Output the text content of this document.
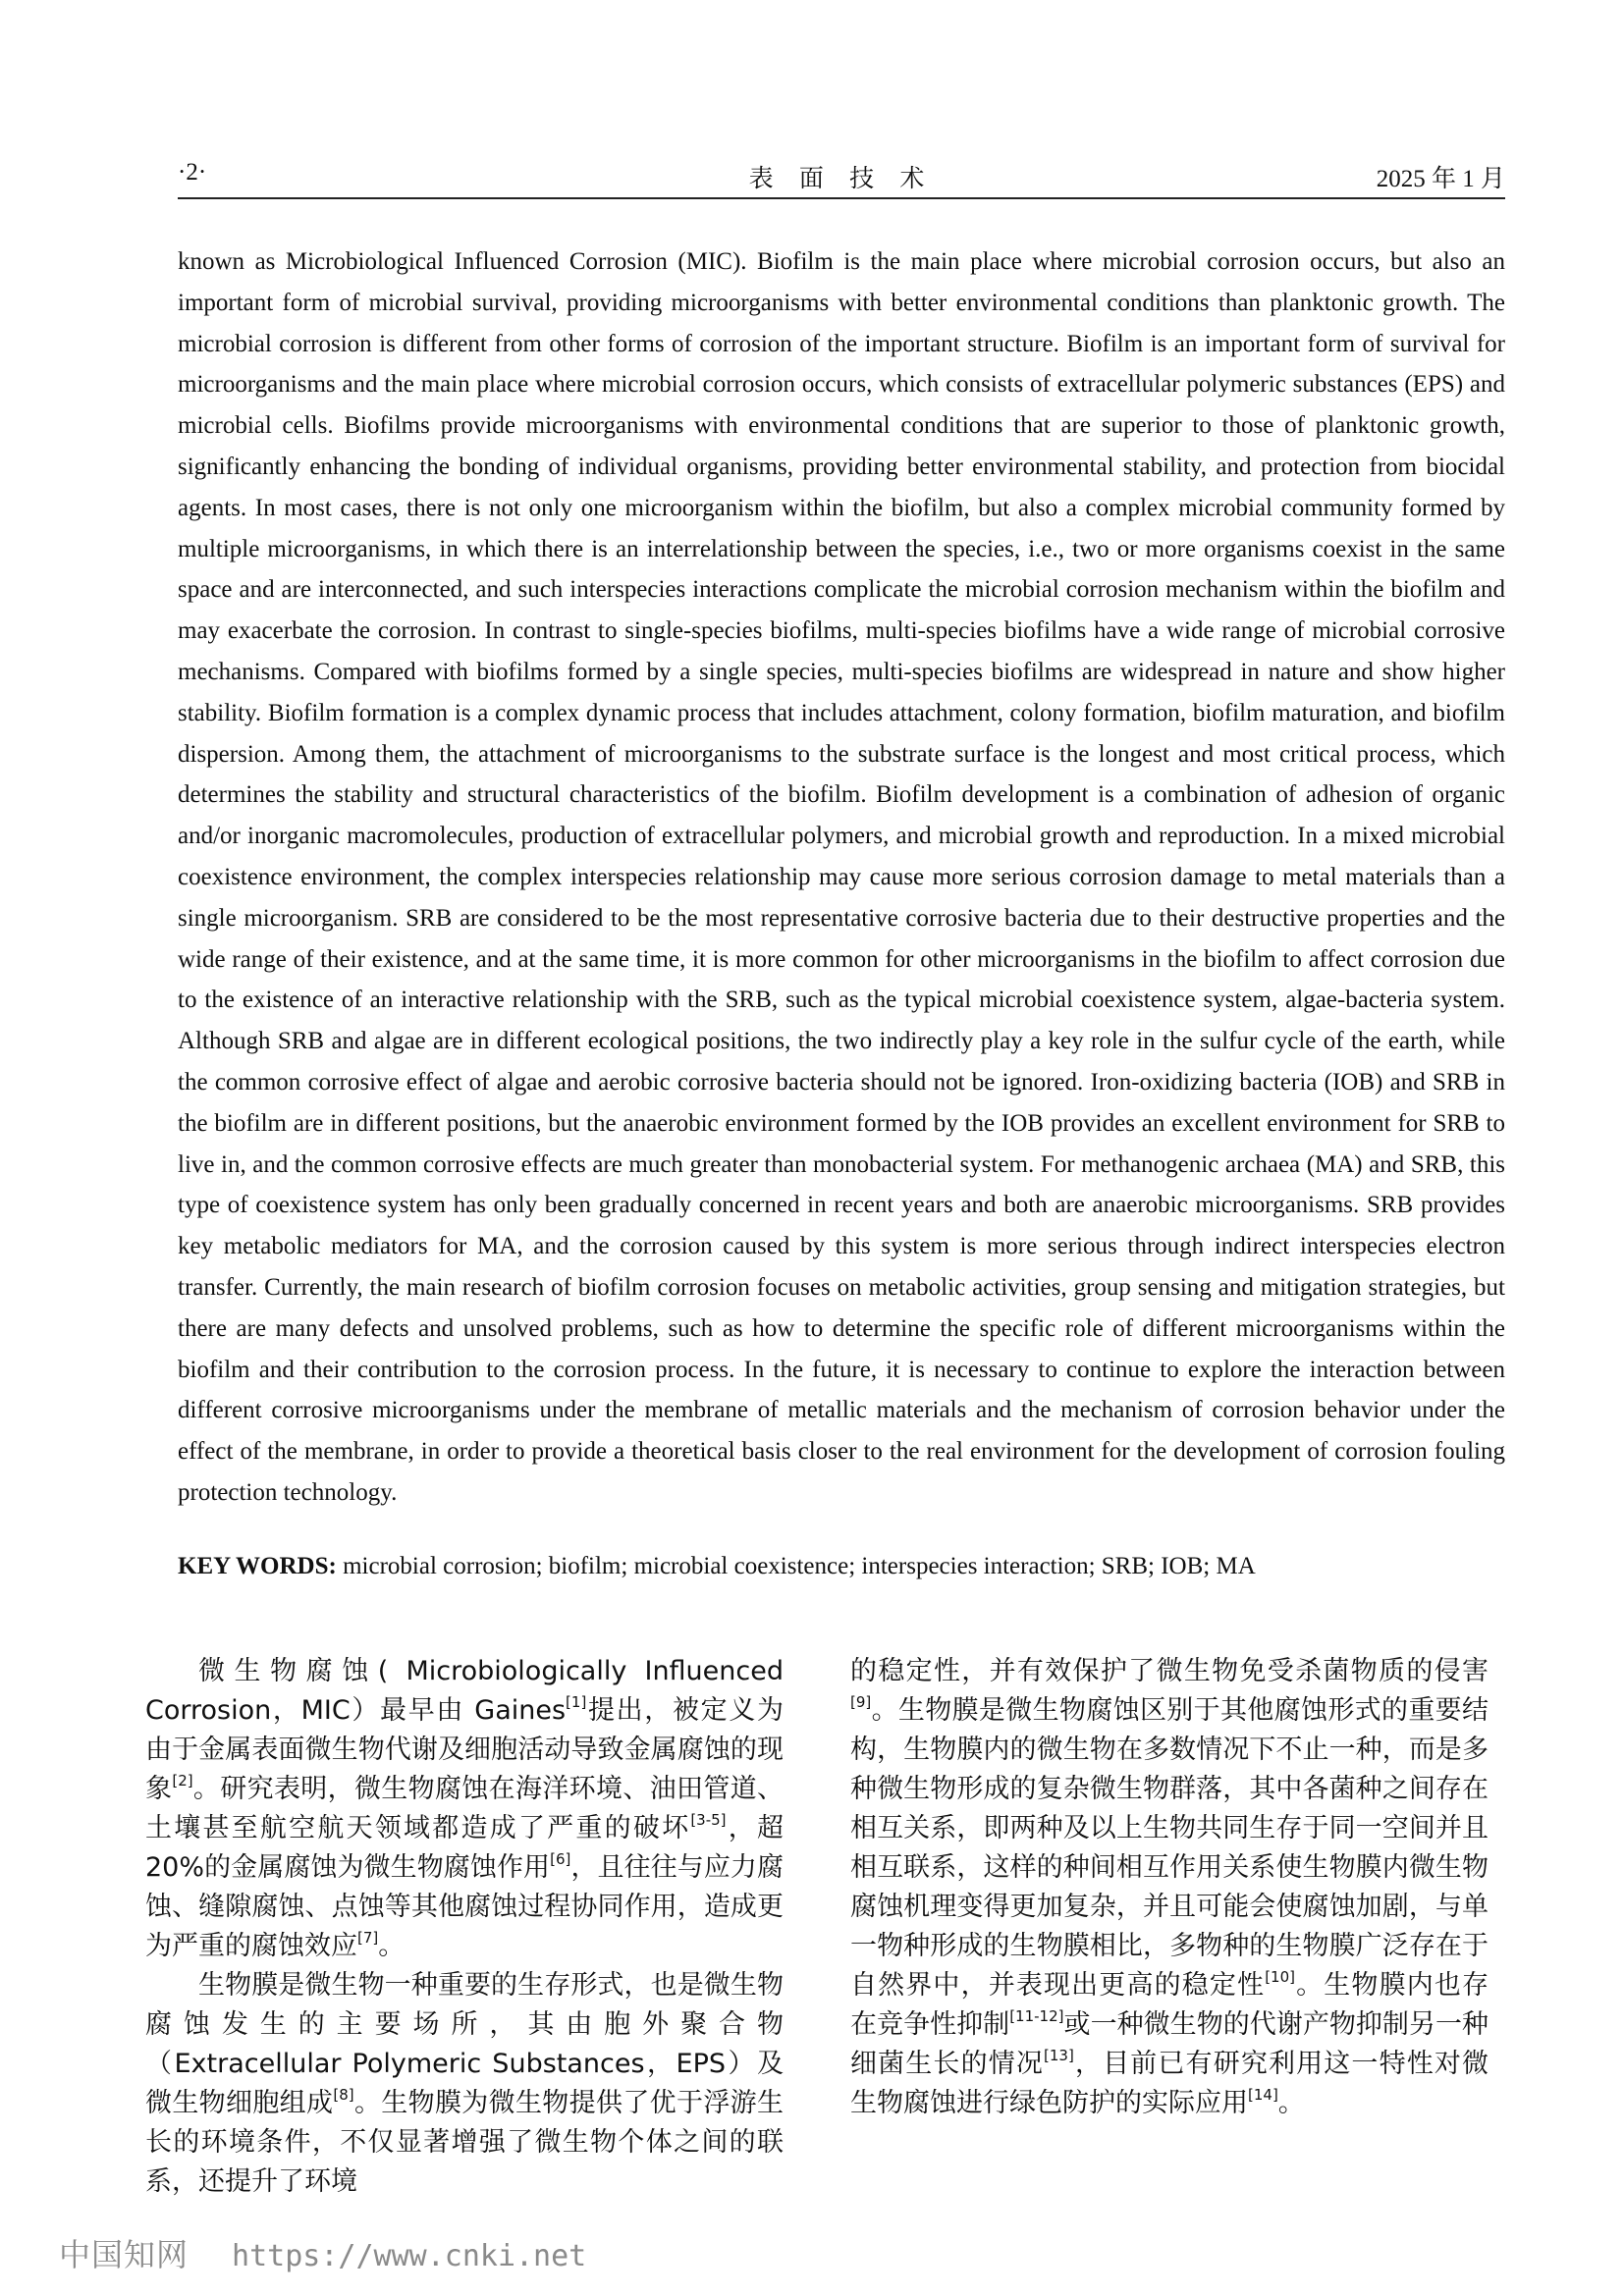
·2·	表 面 技 术	2025 年 1 月

known as Microbiological Influenced Corrosion (MIC). Biofilm is the main place where microbial corrosion occurs, but also an important form of microbial survival, providing microorganisms with better environmental conditions than planktonic growth. The microbial corrosion is different from other forms of corrosion of the important structure. Biofilm is an important form of survival for microorganisms and the main place where microbial corrosion occurs, which consists of extracellular polymeric substances (EPS) and microbial cells. Biofilms provide microorganisms with environmental conditions that are superior to those of planktonic growth, significantly enhancing the bonding of individual organisms, providing better environmental stability, and protection from biocidal agents. In most cases, there is not only one microorganism within the biofilm, but also a complex microbial community formed by multiple microorganisms, in which there is an interrelationship between the species, i.e., two or more organisms coexist in the same space and are interconnected, and such interspecies interactions complicate the microbial corrosion mechanism within the biofilm and may exacerbate the corrosion. In contrast to single-species biofilms, multi-species biofilms have a wide range of microbial corrosive mechanisms. Compared with biofilms formed by a single species, multi-species biofilms are widespread in nature and show higher stability. Biofilm formation is a complex dynamic process that includes attachment, colony formation, biofilm maturation, and biofilm dispersion. Among them, the attachment of microorganisms to the substrate surface is the longest and most critical process, which determines the stability and structural characteristics of the biofilm. Biofilm development is a combination of adhesion of organic and/or inorganic macromolecules, production of extracellular polymers, and microbial growth and reproduction. In a mixed microbial coexistence environment, the complex interspecies relationship may cause more serious corrosion damage to metal materials than a single microorganism. SRB are considered to be the most representative corrosive bacteria due to their destructive properties and the wide range of their existence, and at the same time, it is more common for other microorganisms in the biofilm to affect corrosion due to the existence of an interactive relationship with the SRB, such as the typical microbial coexistence system, algae-bacteria system. Although SRB and algae are in different ecological positions, the two indirectly play a key role in the sulfur cycle of the earth, while the common corrosive effect of algae and aerobic corrosive bacteria should not be ignored. Iron-oxidizing bacteria (IOB) and SRB in the biofilm are in different positions, but the anaerobic environment formed by the IOB provides an excellent environment for SRB to live in, and the common corrosive effects are much greater than monobacterial system. For methanogenic archaea (MA) and SRB, this type of coexistence system has only been gradually concerned in recent years and both are anaerobic microorganisms. SRB provides key metabolic mediators for MA, and the corrosion caused by this system is more serious through indirect interspecies electron transfer. Currently, the main research of biofilm corrosion focuses on metabolic activities, group sensing and mitigation strategies, but there are many defects and unsolved problems, such as how to determine the specific role of different microorganisms within the biofilm and their contribution to the corrosion process. In the future, it is necessary to continue to explore the interaction between different corrosive microorganisms under the membrane of metallic materials and the mechanism of corrosion behavior under the effect of the membrane, in order to provide a theoretical basis closer to the real environment for the development of corrosion fouling protection technology.

KEY WORDS: microbial corrosion; biofilm; microbial coexistence; interspecies interaction; SRB; IOB; MA

微生物腐蚀( Microbiologically Influenced Corrosion，MIC）最早由 Gaines[1]提出，被定义为由于金属表面微生物代谢及细胞活动导致金属腐蚀的现象[2]。研究表明，微生物腐蚀在海洋环境、油田管道、土壤甚至航空航天领域都造成了严重的破坏[3-5]，超 20%的金属腐蚀为微生物腐蚀作用[6]，且往往与应力腐蚀、缝隙腐蚀、点蚀等其他腐蚀过程协同作用，造成更为严重的腐蚀效应[7]。

生物膜是微生物一种重要的生存形式，也是微生物腐蚀发生的主要场所，其由胞外聚合物（Extracellular Polymeric Substances，EPS）及微生物细胞组成[8]。生物膜为微生物提供了优于浮游生长的环境条件，不仅显著增强了微生物个体之间的联系，还提升了环境

的稳定性，并有效保护了微生物免受杀菌物质的侵害[9]。生物膜是微生物腐蚀区别于其他腐蚀形式的重要结构，生物膜内的微生物在多数情况下不止一种，而是多种微生物形成的复杂微生物群落，其中各菌种之间存在相互关系，即两种及以上生物共同生存于同一空间并且相互联系，这样的种间相互作用关系使生物膜内微生物腐蚀机理变得更加复杂，并且可能会使腐蚀加剧，与单一物种形成的生物膜相比，多物种的生物膜广泛存在于自然界中，并表现出更高的稳定性[10]。生物膜内也存在竞争性抑制[11-12]或一种微生物的代谢产物抑制另一种细菌生长的情况[13]，目前已有研究利用这一特性对微生物腐蚀进行绿色防护的实际应用[14]。

中国知网 https://www.cnki.net
